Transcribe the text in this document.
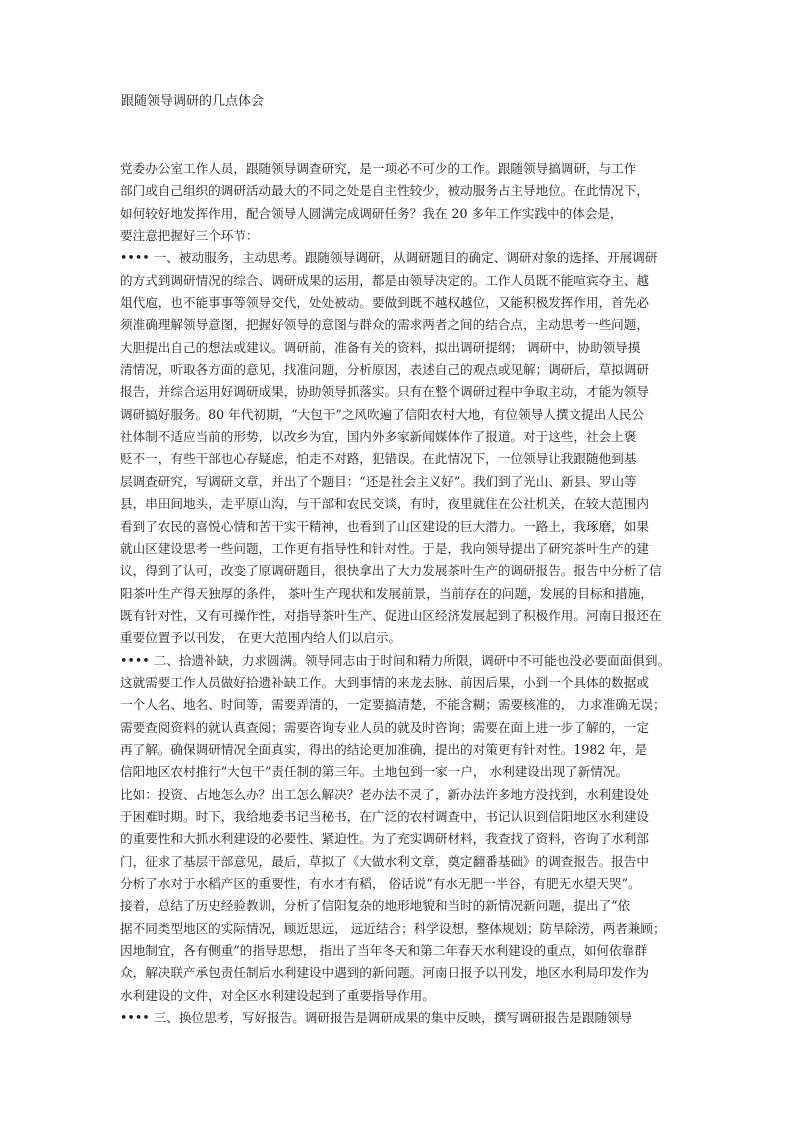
跟随领导调研的几点体会
党委办公室工作人员，跟随领导调查研究，是一项必不可少的工作。跟随领导搞调研，与工作
部门或自己组织的调研活动最大的不同之处是自主性较少，被动服务占主导地位。在此情况下，
如何较好地发挥作用，配合领导人圆满完成调研任务？我在 20 多年工作实践中的体会是，
要注意把握好三个环节：
•••• 一、被动服务，主动思考。跟随领导调研，从调研题目的确定、调研对象的选择、开展调研
的方式到调研情况的综合、调研成果的运用，都是由领导决定的。工作人员既不能喧宾夺主、越
俎代庖，也不能事事等领导交代，处处被动。要做到既不越权越位，又能积极发挥作用，首先必
须准确理解领导意图，把握好领导的意图与群众的需求两者之间的结合点，主动思考一些问题，
大胆提出自己的想法或建议。调研前，准备有关的资料，拟出调研提纲； 调研中，协助领导摸
清情况，听取各方面的意见，找准问题，分析原因，表述自己的观点或见解；调研后，草拟调研
报告，并综合运用好调研成果，协助领导抓落实。只有在整个调研过程中争取主动，才能为领导
调研搞好服务。80 年代初期，“大包干”之风吹遍了信阳农村大地，有位领导人撰文提出人民公
社体制不适应当前的形势，以改乡为宜，国内外多家新闻媒体作了报道。对于这些，社会上褒
贬不一，有些干部也心存疑虑，怕走不对路，犯错误。在此情况下，一位领导让我跟随他到基
层调查研究，写调研文章，并出了个题目：“还是社会主义好”。我们到了光山、新县、罗山等
县，串田间地头，走平原山沟，与干部和农民交谈，有时，夜里就住在公社机关，在较大范围内
看到了农民的喜悦心情和苦干实干精神，也看到了山区建设的巨大潜力。一路上，我琢磨，如果
就山区建设思考一些问题，工作更有指导性和针对性。于是，我向领导提出了研究茶叶生产的建
议，得到了认可，改变了原调研题目，很快拿出了大力发展茶叶生产的调研报告。报告中分析了信
阳茶叶生产得天独厚的条件， 茶叶生产现状和发展前景，当前存在的问题，发展的目标和措施，
既有针对性，又有可操作性，对指导茶叶生产、促进山区经济发展起到了积极作用。河南日报还在
重要位置予以刊发， 在更大范围内给人们以启示。
•••• 二、拾遗补缺，力求圆满。领导同志由于时间和精力所限，调研中不可能也没必要面面俱到。
这就需要工作人员做好拾遗补缺工作。大到事情的来龙去脉、前因后果，小到一个具体的数据或
一个人名、地名、时间等，需要弄清的，一定要搞清楚，不能含糊；需要核准的， 力求准确无误；
需要查阅资料的就认真查阅；需要咨询专业人员的就及时咨询；需要在面上进一步了解的，一定
再了解。确保调研情况全面真实，得出的结论更加准确，提出的对策更有针对性。1982 年，是
信阳地区农村推行“大包干”责任制的第三年。土地包到一家一户， 水利建设出现了新情况。
比如：投资、占地怎么办？出工怎么解决？老办法不灵了，新办法许多地方没找到，水利建设处
于困难时期。时下，我给地委书记当秘书，在广泛的农村调查中，书记认识到信阳地区水利建设
的重要性和大抓水利建设的必要性、紧迫性。为了充实调研材料，我查找了资料，咨询了水利部
门，征求了基层干部意见，最后，草拟了《大做水利文章，奠定翻番基础》的调查报告。报告中
分析了水对于水稻产区的重要性，有水才有稻， 俗话说“有水无肥一半谷，有肥无水望天哭”。
接着，总结了历史经验教训，分析了信阳复杂的地形地貌和当时的新情况新问题，提出了“依
据不同类型地区的实际情况，顾近思远， 远近结合；科学设想，整体规划；防旱除涝，两者兼顾；
因地制宜，各有侧重”的指导思想， 指出了当年冬天和第二年春天水利建设的重点，如何依靠群
众，解决联产承包责任制后水利建设中遇到的新问题。河南日报予以刊发，地区水利局印发作为
水利建设的文件，对全区水利建设起到了重要指导作用。
•••• 三、换位思考，写好报告。调研报告是调研成果的集中反映，撰写调研报告是跟随领导
